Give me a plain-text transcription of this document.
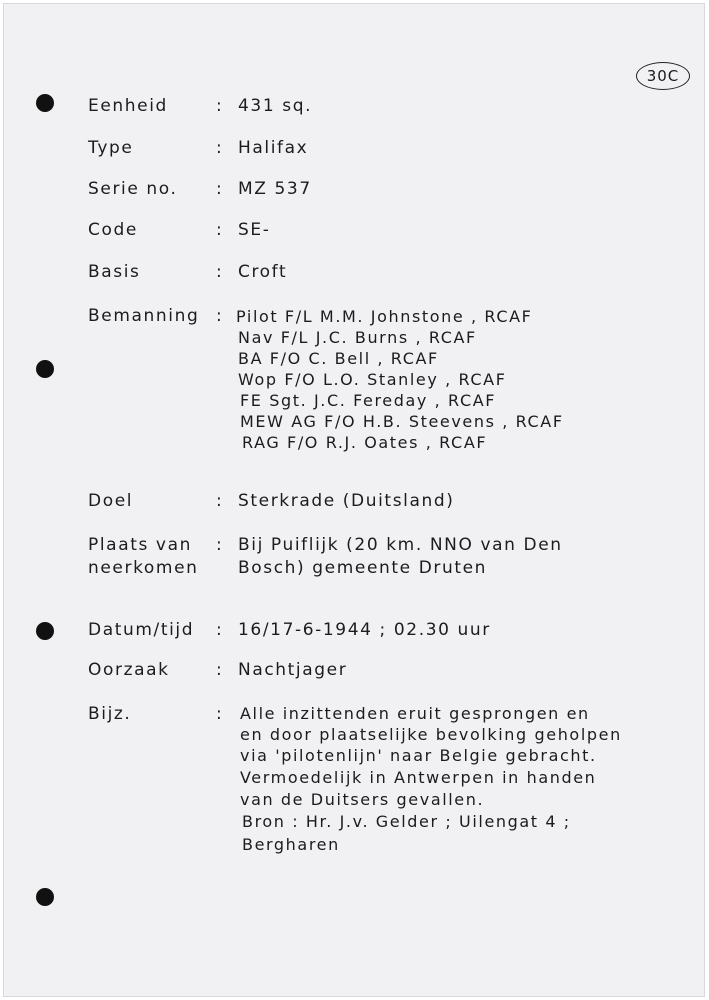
30C
Eenheid	: 431 sq.
Type	: Halifax
Serie no. : MZ 537
Code	: SE-
Basis	: Croft
Bemanning : Pilot F/L M.M. Johnstone , RCAF
Nav F/L J.C. Burns , RCAF
BA F/O C. Bell , RCAF
Wop F/O L.O. Stanley , RCAF
FE Sgt. J.C. Fereday , RCAF
MEW AG F/O H.B. Steevens , RCAF
RAG F/O R.J. Oates , RCAF
Doel	: Sterkrade (Duitsland)
Plaats van : Bij Puiflijk (20 km. NNO van Den
neerkomen Bosch) gemeente Druten
Datum/tijd : 16/17-6-1944 ; 02.30 uur
Oorzaak	: Nachtjager
Bijz.	: Alle inzittenden eruit gesprongen en
en door plaatselijke bevolking geholpen
via 'pilotenlijn' naar Belgie gebracht.
Vermoedelijk in Antwerpen in handen
van de Duitsers gevallen.
Bron : Hr. J.v. Gelder ; Uilengat 4 ;
Bergharen
